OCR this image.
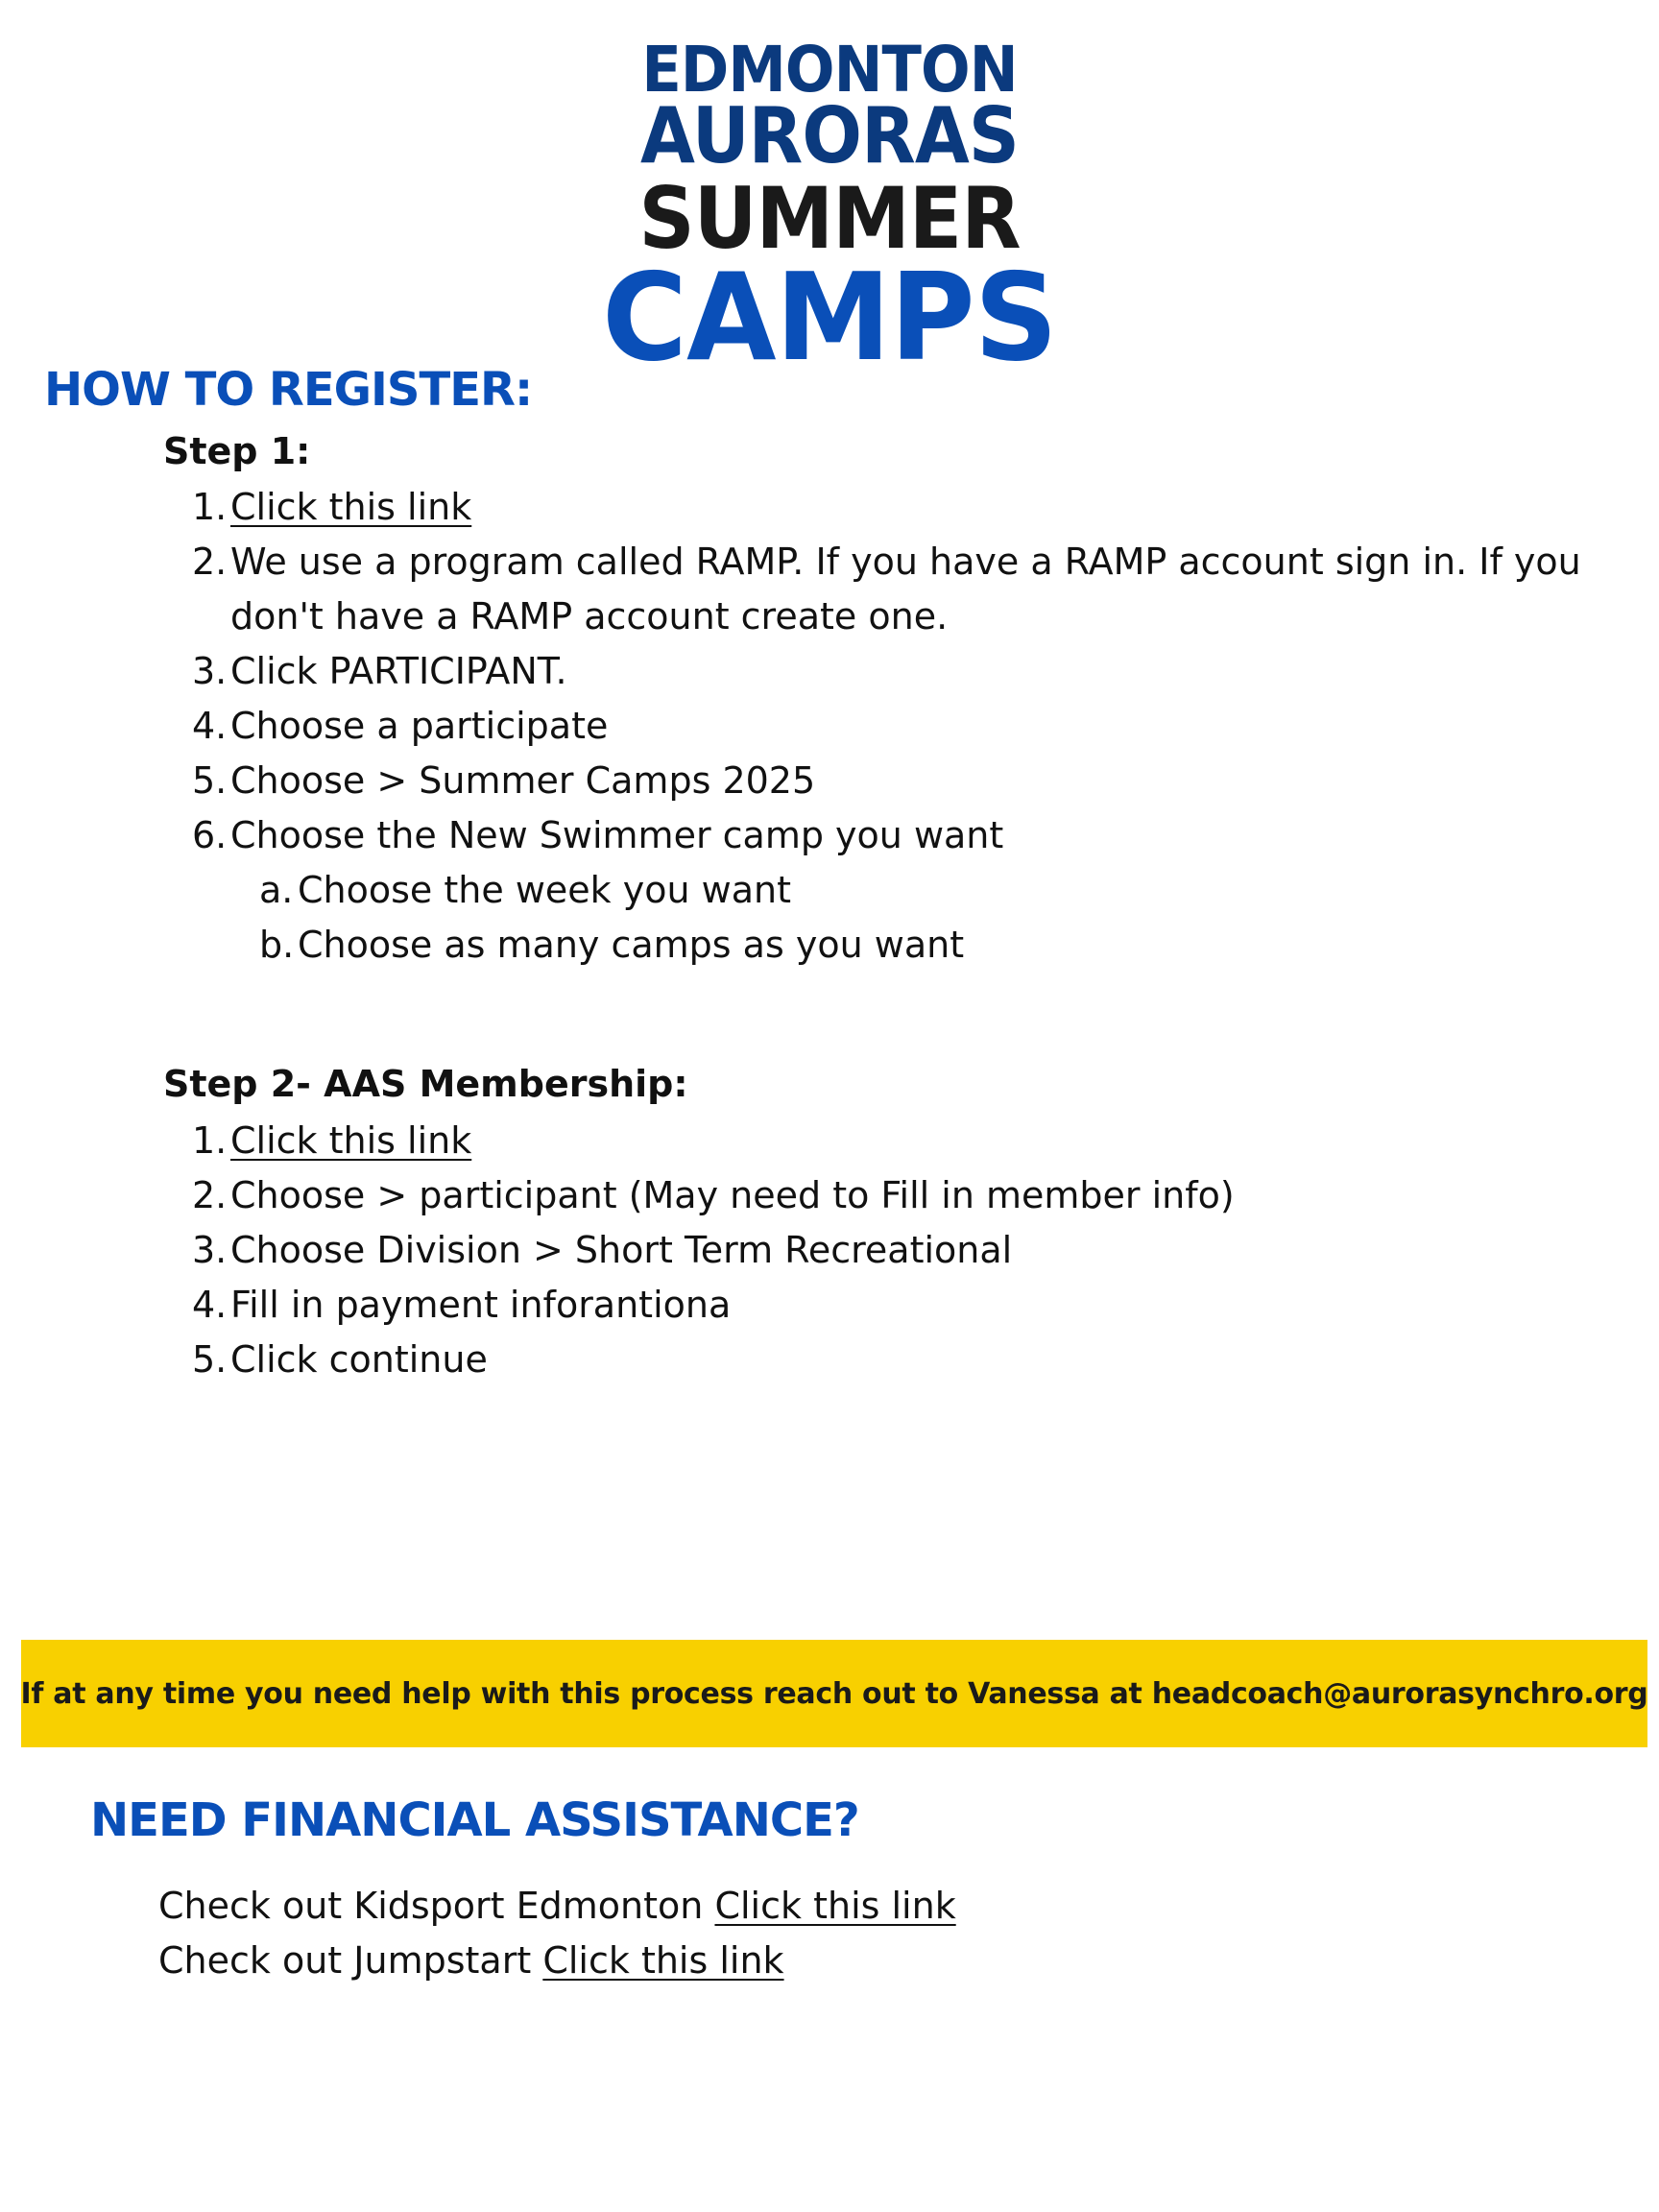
EDMONTON
AURORAS
SUMMER
CAMPS
HOW TO REGISTER:
Step 1:
1. Click this link
2. We use a program called RAMP. If you have a RAMP account sign in. If you
don't have a RAMP account create one.
3. Click PARTICIPANT.
4. Choose a participate
5. Choose > Summer Camps 2025
6. Choose the New Swimmer camp you want
a. Choose the week you want
b. Choose as many camps as you want
Step 2- AAS Membership:
1. Click this link
2. Choose > participant (May need to Fill in member info)
3. Choose Division > Short Term Recreational
4. Fill in payment inforantiona
5. Click continue
If at any time you need help with this process reach out to Vanessa at headcoach@aurorasynchro.org
NEED FINANCIAL ASSISTANCE?
Check out Kidsport Edmonton Click this link
Check out Jumpstart Click this link
